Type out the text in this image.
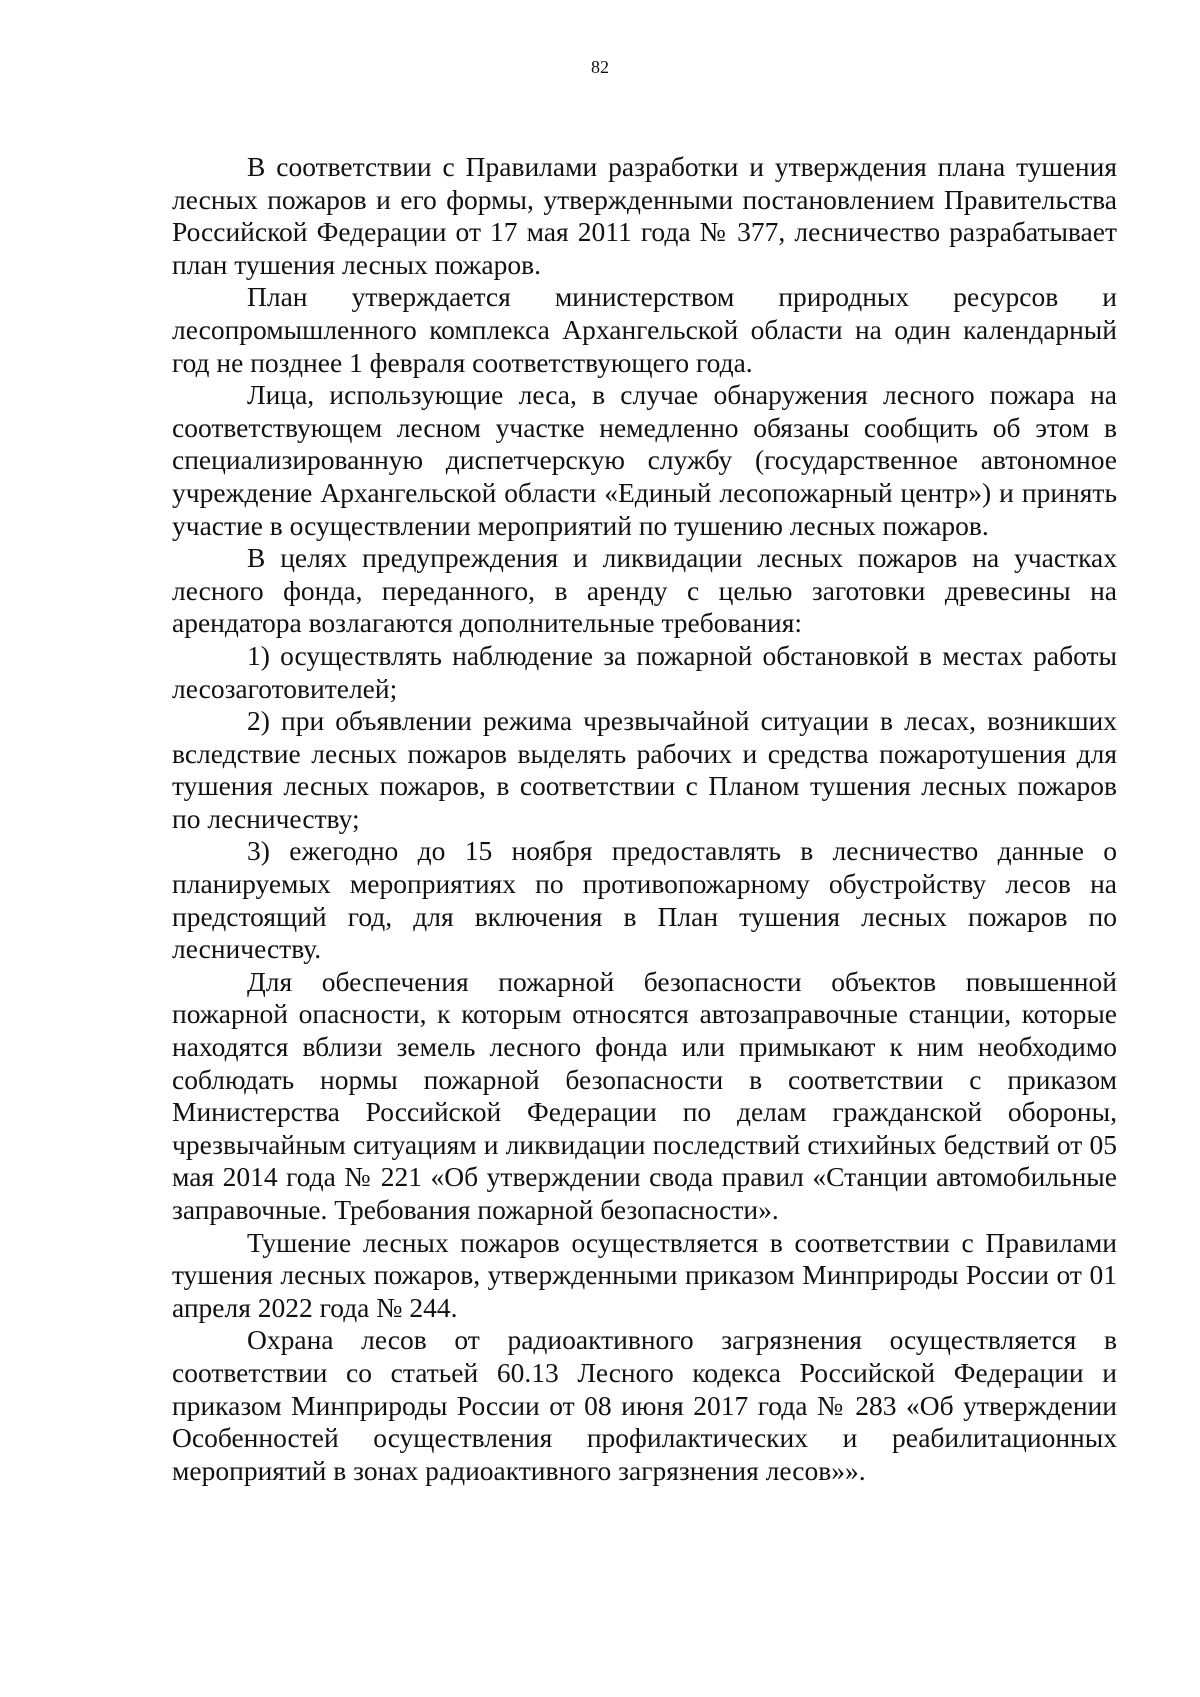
82

В соответствии с Правилами разработки и утверждения плана тушения лесных пожаров и его формы, утвержденными постановлением Правительства Российской Федерации от 17 мая 2011 года № 377, лесничество разрабатывает план тушения лесных пожаров.

План утверждается министерством природных ресурсов и лесопромышленного комплекса Архангельской области на один календарный год не позднее 1 февраля соответствующего года.

Лица, использующие леса, в случае обнаружения лесного пожара на соответствующем лесном участке немедленно обязаны сообщить об этом в специализированную диспетчерскую службу (государственное автономное учреждение Архангельской области «Единый лесопожарный центр») и принять участие в осуществлении мероприятий по тушению лесных пожаров.

В целях предупреждения и ликвидации лесных пожаров на участках лесного фонда, переданного, в аренду с целью заготовки древесины на арендатора возлагаются дополнительные требования:

1) осуществлять наблюдение за пожарной обстановкой в местах работы лесозаготовителей;

2) при объявлении режима чрезвычайной ситуации в лесах, возникших вследствие лесных пожаров выделять рабочих и средства пожаротушения для тушения лесных пожаров, в соответствии с Планом тушения лесных пожаров по лесничеству;

3) ежегодно до 15 ноября предоставлять в лесничество данные о планируемых мероприятиях по противопожарному обустройству лесов на предстоящий год, для включения в План тушения лесных пожаров по лесничеству.

Для обеспечения пожарной безопасности объектов повышенной пожарной опасности, к которым относятся автозаправочные станции, которые находятся вблизи земель лесного фонда или примыкают к ним необходимо соблюдать нормы пожарной безопасности в соответствии с приказом Министерства Российской Федерации по делам гражданской обороны, чрезвычайным ситуациям и ликвидации последствий стихийных бедствий от 05 мая 2014 года № 221 «Об утверждении свода правил «Станции автомобильные заправочные. Требования пожарной безопасности».

Тушение лесных пожаров осуществляется в соответствии с Правилами тушения лесных пожаров, утвержденными приказом Минприроды России от 01 апреля 2022 года № 244.

Охрана лесов от радиоактивного загрязнения осуществляется в соответствии со статьей 60.13 Лесного кодекса Российской Федерации и приказом Минприроды России от 08 июня 2017 года № 283 «Об утверждении Особенностей осуществления профилактических и реабилитационных мероприятий в зонах радиоактивного загрязнения лесов»».
